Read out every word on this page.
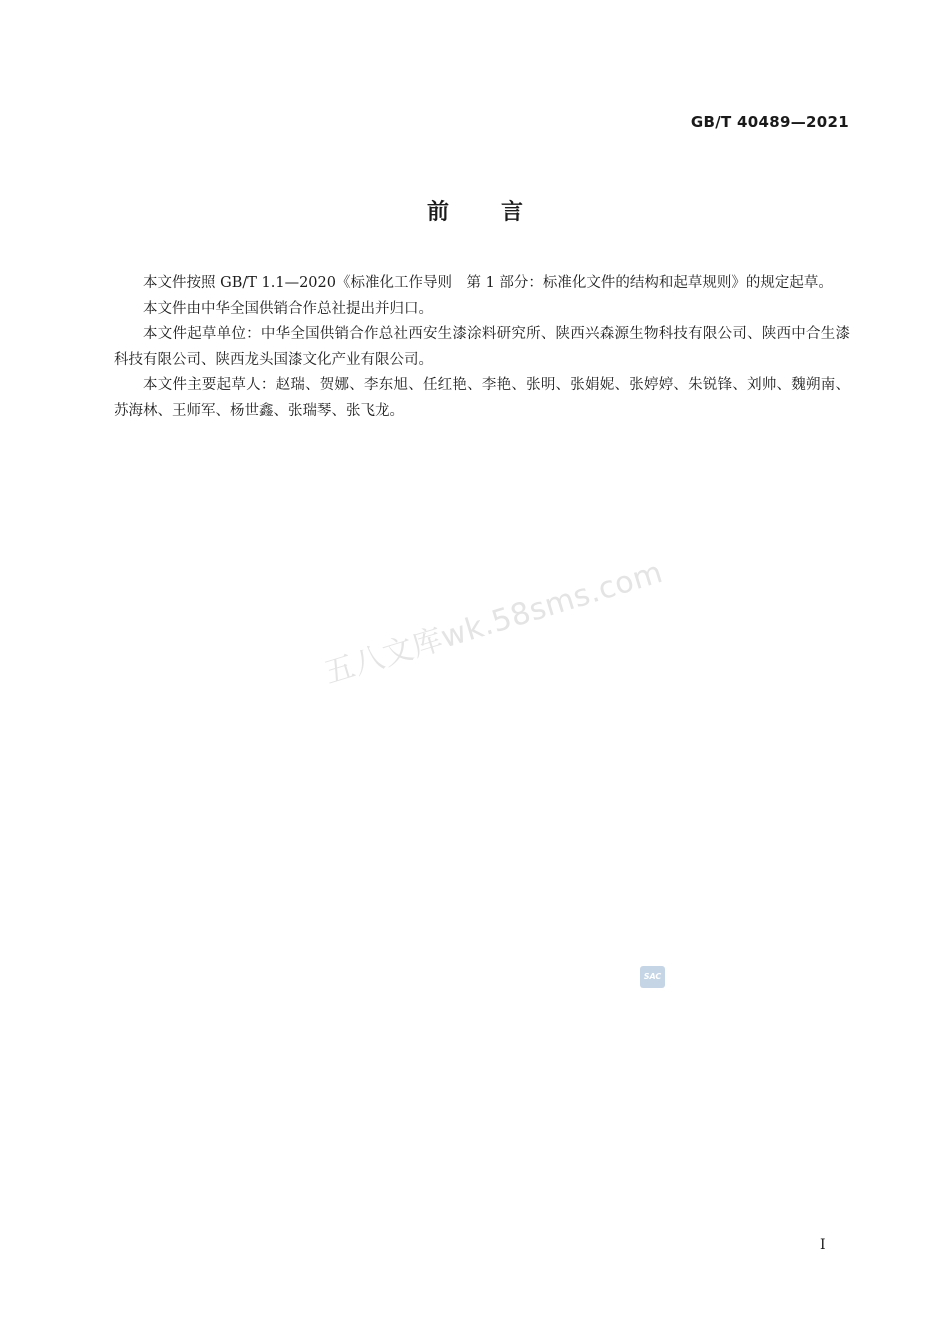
GB/T 40489—2021
前言

本文件按照 GB/T 1.1—2020《标准化工作导则　第 1 部分：标准化文件的结构和起草规则》的规定起草。

本文件由中华全国供销合作总社提出并归口。

本文件起草单位：中华全国供销合作总社西安生漆涂料研究所、陕西兴森源生物科技有限公司、陕西中合生漆科技有限公司、陕西龙头国漆文化产业有限公司。

本文件主要起草人：赵瑞、贺娜、李东旭、任红艳、李艳、张明、张娟妮、张婷婷、朱锐锋、刘帅、魏朔南、苏海林、王师军、杨世鑫、张瑞琴、张飞龙。

五八文库wk.58sms.com
SAC
I
